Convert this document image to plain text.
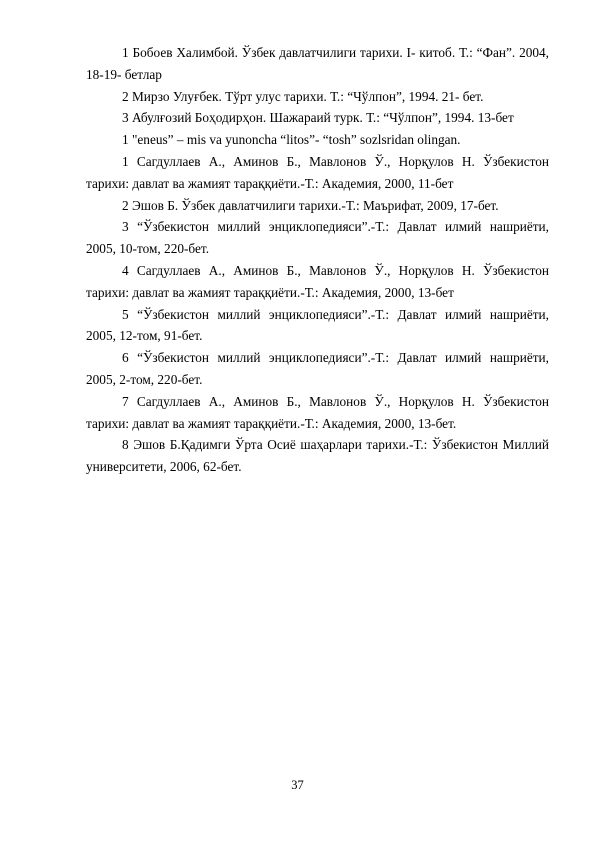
1 Бобоев Халимбой. Ўзбек давлатчилиги тарихи. I- китоб. Т.: “Фан”. 2004, 18-19- бетлар

2 Мирзо Улуғбек. Тўрт улус тарихи. Т.: “Чўлпон”, 1994. 21- бет.

3 Абулғозий Боҳодирҳон. Шажараий турк. Т.: “Чўлпон”, 1994. 13-бет

1 "eneus” – mis va yunoncha “litos”- “tosh” sozlsridan olingan.

1 Сагдуллаев А., Аминов Б., Мавлонов Ў., Норқулов Н. Ўзбекистон тарихи: давлат ва жамият тараққиёти.-Т.: Академия, 2000, 11-бет

2 Эшов Б. Ўзбек давлатчилиги тарихи.-Т.: Маърифат, 2009, 17-бет.

3 “Ўзбекистон миллий энциклопедияси”.-Т.: Давлат илмий нашриёти, 2005, 10-том, 220-бет.

4 Сагдуллаев А., Аминов Б., Мавлонов Ў., Норқулов Н. Ўзбекистон тарихи: давлат ва жамият тараққиёти.-Т.: Академия, 2000, 13-бет

5 “Ўзбекистон миллий энциклопедияси”.-Т.: Давлат илмий нашриёти, 2005, 12-том, 91-бет.

6 “Ўзбекистон миллий энциклопедияси”.-Т.: Давлат илмий нашриёти, 2005, 2-том, 220-бет.

7 Сагдуллаев А., Аминов Б., Мавлонов Ў., Норқулов Н. Ўзбекистон тарихи: давлат ва жамият тараққиёти.-Т.: Академия, 2000, 13-бет.

8 Эшов Б.Қадимги Ўрта Осиё шаҳарлари тарихи.-Т.: Ўзбекистон Миллий университети, 2006, 62-бет.

37
